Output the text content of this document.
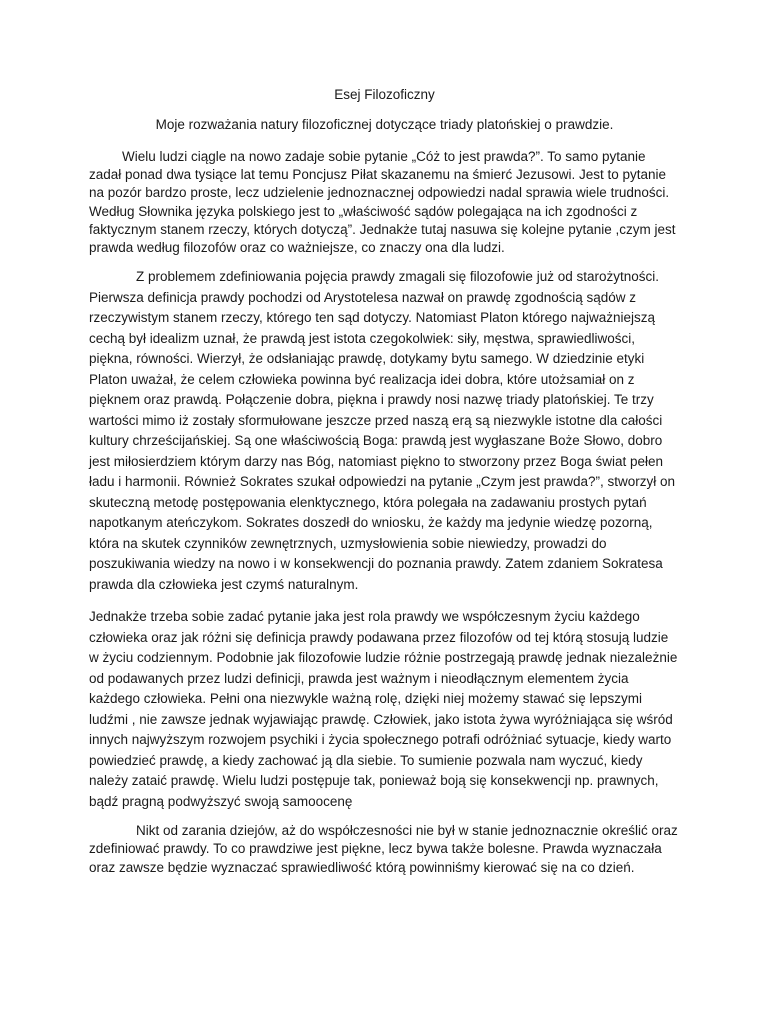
Esej Filozoficzny
Moje rozważania natury filozoficznej dotyczące triady platońskiej o prawdzie.

Wielu ludzi ciągle na nowo zadaje sobie pytanie „Cóż to jest prawda?”. To samo pytanie zadał ponad dwa tysiące lat temu Poncjusz Piłat skazanemu na śmierć Jezusowi. Jest to pytanie na pozór bardzo proste, lecz udzielenie jednoznacznej odpowiedzi nadal sprawia wiele trudności. Według Słownika języka polskiego jest to „właściwość sądów polegająca na ich zgodności z faktycznym stanem rzeczy, których dotyczą”. Jednakże tutaj nasuwa się kolejne pytanie ,czym jest prawda według filozofów oraz co ważniejsze, co znaczy ona dla ludzi.

Z problemem zdefiniowania pojęcia prawdy zmagali się filozofowie już od starożytności. Pierwsza definicja prawdy pochodzi od Arystotelesa nazwał on prawdę zgodnością sądów z rzeczywistym stanem rzeczy, którego ten sąd dotyczy. Natomiast Platon którego najważniejszą cechą był idealizm uznał, że prawdą jest istota czegokolwiek: siły, męstwa, sprawiedliwości, piękna, równości. Wierzył, że odsłaniając prawdę, dotykamy bytu samego. W dziedzinie etyki Platon uważał, że celem człowieka powinna być realizacja idei dobra, które utożsamiał on z pięknem oraz prawdą. Połączenie dobra, piękna i prawdy nosi nazwę triady platońskiej. Te trzy wartości mimo iż zostały sformułowane jeszcze przed naszą erą są niezwykle istotne dla całości kultury chrześcijańskiej. Są one właściwością Boga: prawdą jest wygłaszane Boże Słowo, dobro jest miłosierdziem którym darzy nas Bóg, natomiast piękno to stworzony przez Boga świat pełen ładu i harmonii. Również Sokrates szukał odpowiedzi na pytanie „Czym jest prawda?”, stworzył on skuteczną metodę postępowania elenktycznego, która polegała na zadawaniu prostych pytań napotkanym ateńczykom. Sokrates doszedł do wniosku, że każdy ma jedynie wiedzę pozorną, która na skutek czynników zewnętrznych, uzmysłowienia sobie niewiedzy, prowadzi do poszukiwania wiedzy na nowo i w konsekwencji do poznania prawdy. Zatem zdaniem Sokratesa prawda dla człowieka jest czymś naturalnym.

Jednakże trzeba sobie zadać pytanie jaka jest rola prawdy we współczesnym życiu każdego człowieka oraz jak różni się definicja prawdy podawana przez filozofów od tej którą stosują ludzie w życiu codziennym. Podobnie jak filozofowie ludzie różnie postrzegają prawdę jednak niezależnie od podawanych przez ludzi definicji, prawda jest ważnym i nieodłącznym elementem życia każdego człowieka. Pełni ona niezwykle ważną rolę, dzięki niej możemy stawać się lepszymi ludźmi , nie zawsze jednak wyjawiając prawdę. Człowiek, jako istota żywa wyróżniająca się wśród innych najwyższym rozwojem psychiki i życia społecznego potrafi odróżniać sytuacje, kiedy warto powiedzieć prawdę, a kiedy zachować ją dla siebie. To sumienie pozwala nam wyczuć, kiedy należy zataić prawdę. Wielu ludzi postępuje tak, ponieważ boją się konsekwencji np. prawnych, bądź pragną podwyższyć swoją samoocenę

Nikt od zarania dziejów, aż do współczesności nie był w stanie jednoznacznie określić oraz zdefiniować prawdy. To co prawdziwe jest piękne, lecz bywa także bolesne. Prawda wyznaczała oraz zawsze będzie wyznaczać sprawiedliwość którą powinniśmy kierować się na co dzień.
